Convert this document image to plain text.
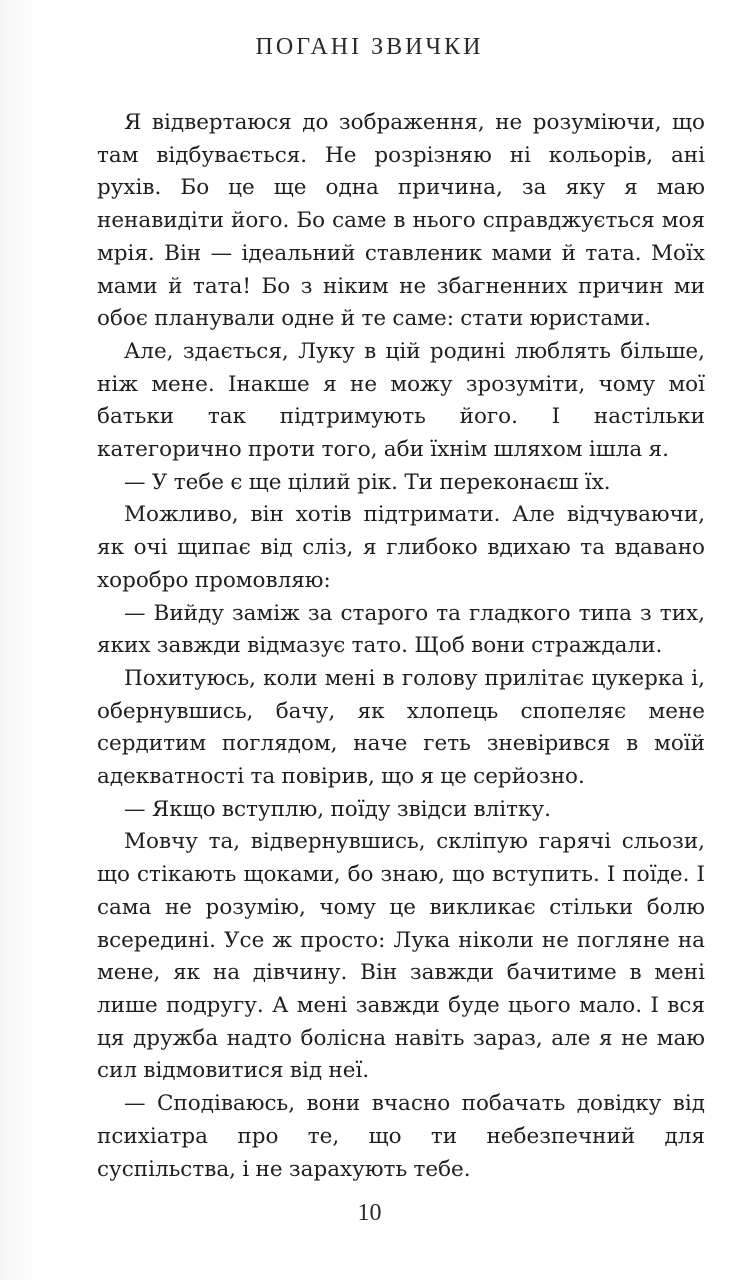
ПОГАНІ ЗВИЧКИ

Я відвертаюся до зображення, не розуміючи, що там відбувається. Не розрізняю ні кольорів, ані рухів. Бо це ще одна причина, за яку я маю ненавидіти його. Бо саме в нього справджується моя мрія. Він — ідеальний ставленик мами й тата. Моїх мами й тата! Бо з ніким не збагненних причин ми обоє планували одне й те саме: стати юристами.

Але, здається, Луку в цій родині люблять більше, ніж мене. Інакше я не можу зрозуміти, чому мої батьки так підтримують його. І настільки категорично проти того, аби їхнім шляхом ішла я.

— У тебе є ще цілий рік. Ти переконаєш їх.

Можливо, він хотів підтримати. Але відчуваючи, як очі щипає від сліз, я глибоко вдихаю та вдавано хоробро промовляю:

— Вийду заміж за старого та гладкого типа з тих, яких завжди відмазує тато. Щоб вони страждали.

Похитуюсь, коли мені в голову прилітає цукерка і, обернувшись, бачу, як хлопець спопеляє мене сердитим поглядом, наче геть зневірився в моїй адекватності та повірив, що я це серйозно.

— Якщо вступлю, поїду звідси влітку.

Мовчу та, відвернувшись, скліпую гарячі сльози, що стікають щоками, бо знаю, що вступить. І поїде. І сама не розумію, чому це викликає стільки болю всередині. Усе ж просто: Лука ніколи не погляне на мене, як на дівчину. Він завжди бачитиме в мені лише подругу. А мені завжди буде цього мало. І вся ця дружба надто болісна навіть зараз, але я не маю сил відмовитися від неї.

— Сподіваюсь, вони вчасно побачать довідку від психіатра про те, що ти небезпечний для суспільства, і не зарахують тебе.

10
